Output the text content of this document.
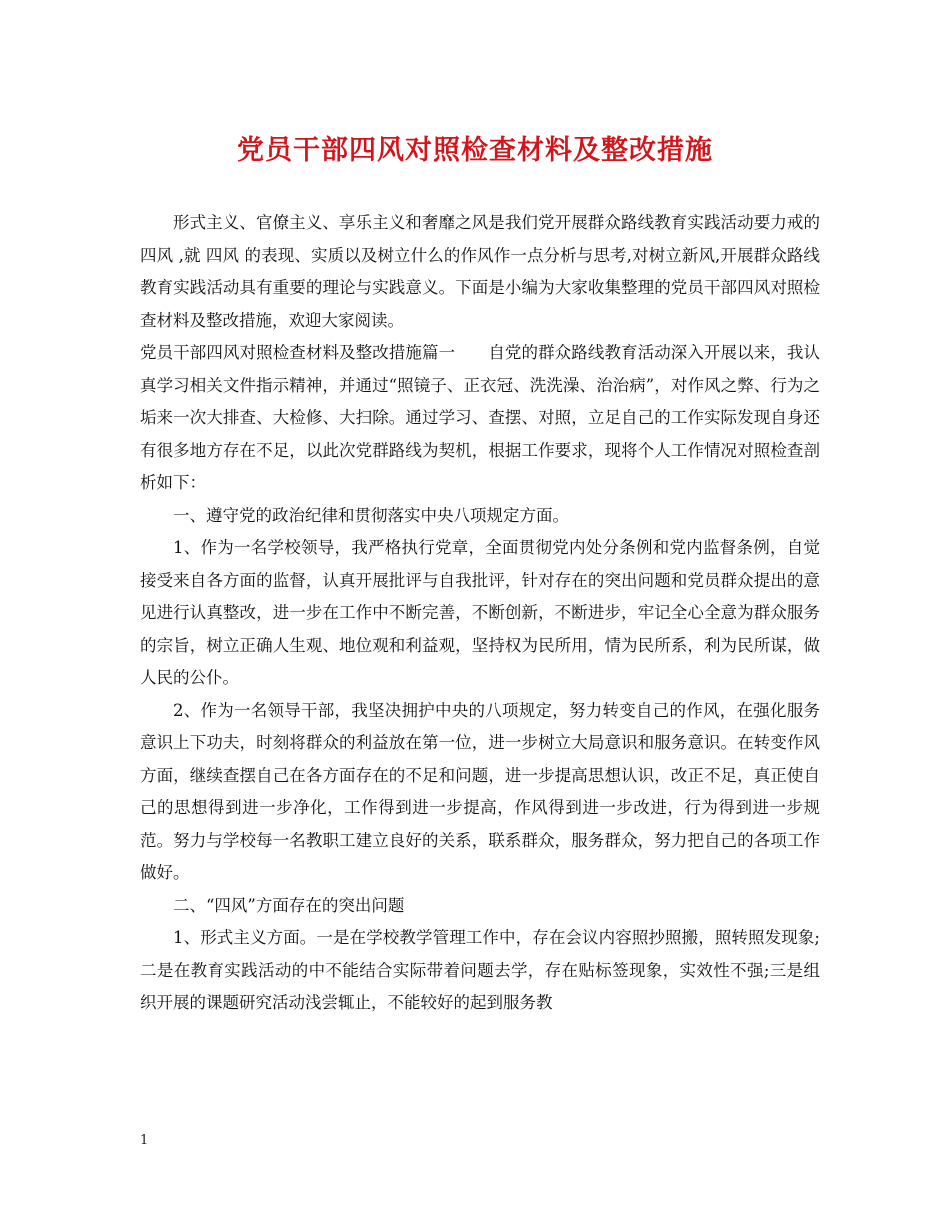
党员干部四风对照检查材料及整改措施

形式主义、官僚主义、享乐主义和奢靡之风是我们党开展群众路线教育实践活动要力戒的 四风 ,就 四风 的表现、实质以及树立什么的作风作一点分析与思考,对树立新风,开展群众路线教育实践活动具有重要的理论与实践意义。下面是小编为大家收集整理的党员干部四风对照检查材料及整改措施，欢迎大家阅读。

党员干部四风对照检查材料及整改措施篇一　　自党的群众路线教育活动深入开展以来，我认真学习相关文件指示精神，并通过“照镜子、正衣冠、洗洗澡、治治病”，对作风之弊、行为之垢来一次大排查、大检修、大扫除。通过学习、查摆、对照，立足自己的工作实际发现自身还有很多地方存在不足，以此次党群路线为契机，根据工作要求，现将个人工作情况对照检查剖析如下：

一、遵守党的政治纪律和贯彻落实中央八项规定方面。

1、作为一名学校领导，我严格执行党章，全面贯彻党内处分条例和党内监督条例，自觉接受来自各方面的监督，认真开展批评与自我批评，针对存在的突出问题和党员群众提出的意见进行认真整改，进一步在工作中不断完善，不断创新，不断进步，牢记全心全意为群众服务的宗旨，树立正确人生观、地位观和利益观，坚持权为民所用，情为民所系，利为民所谋，做人民的公仆。

2、作为一名领导干部，我坚决拥护中央的八项规定，努力转变自己的作风，在强化服务意识上下功夫，时刻将群众的利益放在第一位，进一步树立大局意识和服务意识。在转变作风方面，继续查摆自己在各方面存在的不足和问题，进一步提高思想认识，改正不足，真正使自己的思想得到进一步净化，工作得到进一步提高，作风得到进一步改进，行为得到进一步规范。努力与学校每一名教职工建立良好的关系，联系群众，服务群众，努力把自己的各项工作做好。

二、“四风”方面存在的突出问题

1、形式主义方面。一是在学校教学管理工作中，存在会议内容照抄照搬，照转照发现象;二是在教育实践活动的中不能结合实际带着问题去学，存在贴标签现象，实效性不强;三是组织开展的课题研究活动浅尝辄止，不能较好的起到服务教

1
